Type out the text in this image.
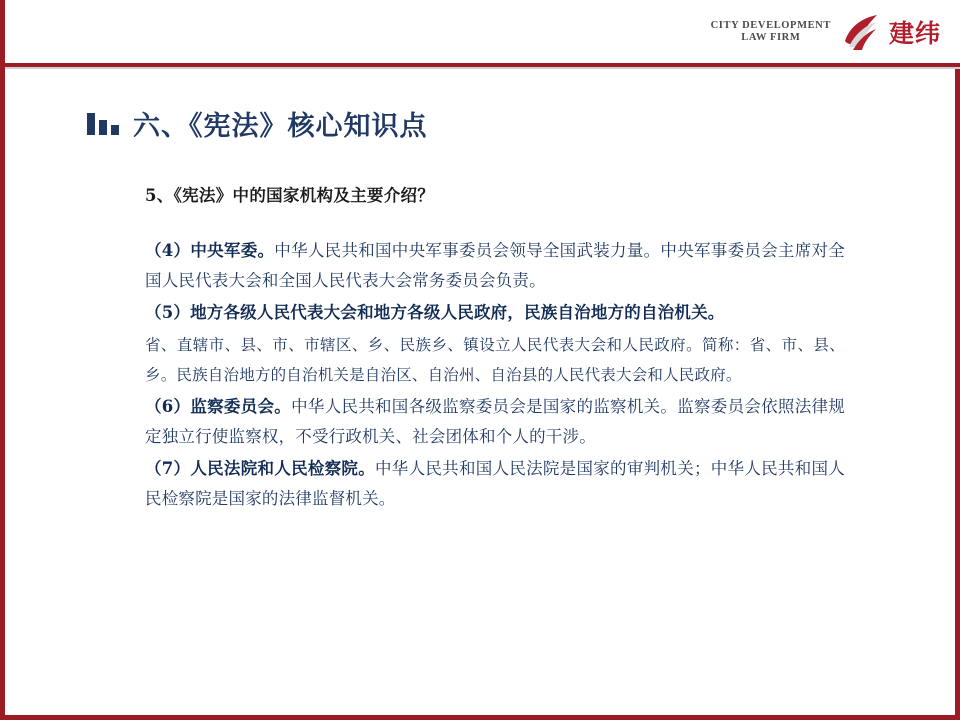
CITY DEVELOPMENT
LAW FIRM	建纬
六、《宪法》核心知识点
5、《宪法》中的国家机构及主要介绍？

（4）中央军委。中华人民共和国中央军事委员会领导全国武装力量。中央军事委员会主席对全国人民代表大会和全国人民代表大会常务委员会负责。

（5）地方各级人民代表大会和地方各级人民政府，民族自治地方的自治机关。

省、直辖市、县、市、市辖区、乡、民族乡、镇设立人民代表大会和人民政府。简称：省、市、县、乡。民族自治地方的自治机关是自治区、自治州、自治县的人民代表大会和人民政府。

（6）监察委员会。中华人民共和国各级监察委员会是国家的监察机关。监察委员会依照法律规定独立行使监察权，不受行政机关、社会团体和个人的干涉。

（7）人民法院和人民检察院。中华人民共和国人民法院是国家的审判机关；中华人民共和国人民检察院是国家的法律监督机关。
